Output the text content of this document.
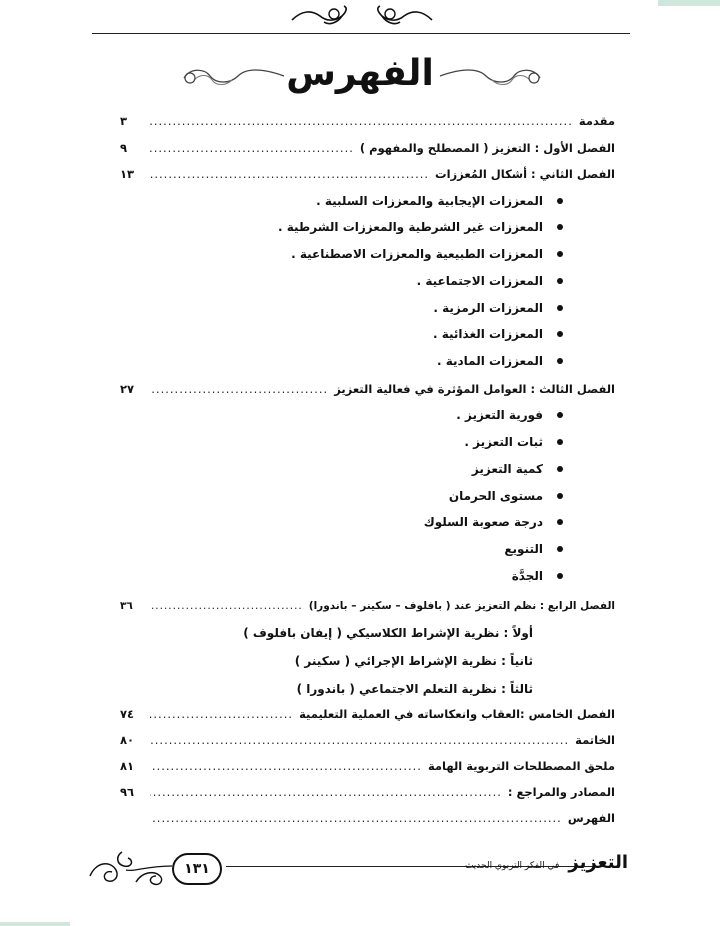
الفهرس
مقدمة
.....
٣
الفصل الأول : التعزيز ( المصطلح والمفهوم )
.....
٩
الفصل الثاني : أشكال المُعززات
.....
١٣
المعززات الإيجابية والمعززات السلبية .
المعززات غير الشرطية والمعززات الشرطية .
المعززات الطبيعية والمعززات الاصطناعية .
المعززات الاجتماعية .
المعززات الرمزية .
المعززات الغذائية .
المعززات المادية .
الفصل الثالث : العوامل المؤثرة في فعالية التعزيز
.....
٢٧
فورية التعزيز .
ثبات التعزيز .
كمية التعزيز
مستوى الحرمان
درجة صعوبة السلوك
التنويع
الجدَّة
الفصل الرابع : نظم التعزيز عند ( بافلوف – سكينر – باندورا)
.....
٣٦
أولاً : نظرية الإشراط الكلاسيكي ( إيفان بافلوف )
ثانياً : نظرية الإشراط الإجرائي ( سكينر )
ثالثاً : نظرية التعلم الاجتماعي ( باندورا )
الفصل الخامس :العقاب وانعكاساته في العملية التعليمية
.....
٧٤
الخاتمة
.....
٨٠
ملحق المصطلحات التربوية الهامة
.....
٨١
المصادر والمراجع :
.....
٩٦
الفهرس
.....
١٣١	التعزيز في الفكر التربوي الحديث
